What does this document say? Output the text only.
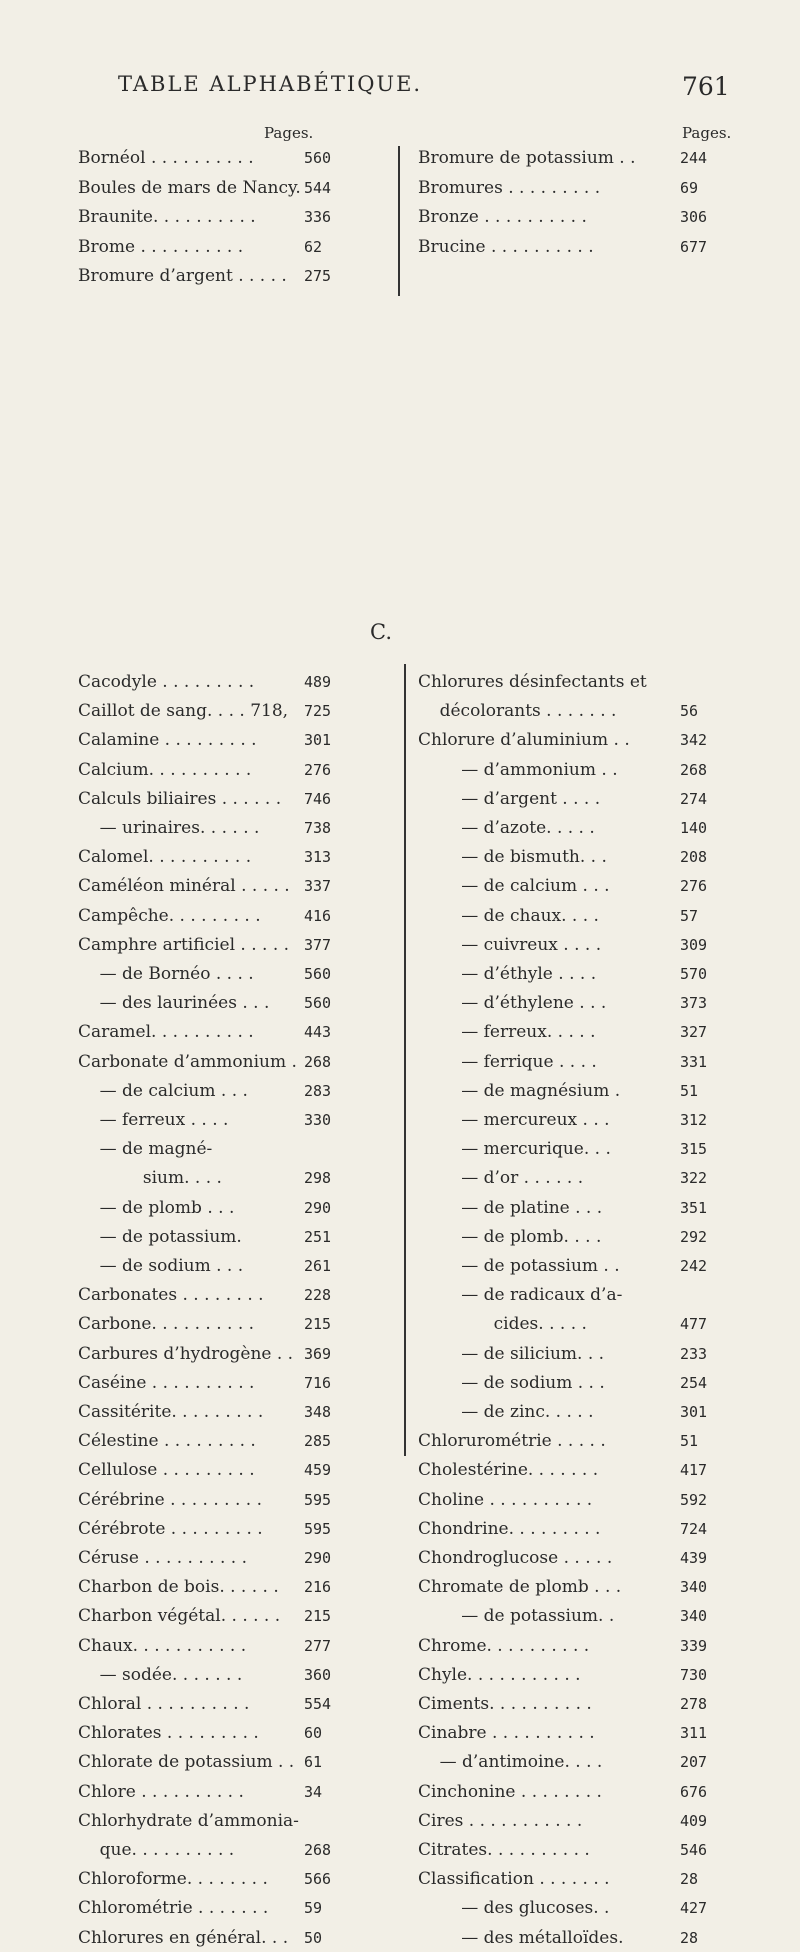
TABLE ALPHABÉTIQUE.	761
Pages.	Pages.
Bornéol . . . . . . . . . .	560
Boules de mars de Nancy. 544
Braunite. . . . . . . . . .	336
Brome . . . . . . . . . .	62
Bromure d’argent . . . . . 275
Bromure de potassium . .	244
Bromures . . . . . . . . .	69
Bronze . . . . . . . . . .	306
Brucine . . . . . . . . . .	677
C.
Cacodyle . . . . . . . . .	489
Caillot de sang. . . . 718, 725
Calamine . . . . . . . . .	301
Calcium. . . . . . . . . .	276
Calculs biliaires . . . . . . 746
— urinaires. . . . . .	738
Calomel. . . . . . . . . .	313
Caméléon minéral . . . . . 337
Campêche. . . . . . . . .	416
Camphre artificiel . . . . . 377
— de Bornéo . . . .	560
— des laurinées . . . 560
Caramel. . . . . . . . . .	443
Carbonate d’ammonium . 268
— de calcium . . .	283
— ferreux . . . .	330
— de magné-
sium. . . .	298
— de plomb . . .	290
— de potassium.	251
— de sodium . . .	261
Carbonates . . . . . . . .	228
Carbone. . . . . . . . . .	215
Carbures d’hydrogène . . 369
Caséine . . . . . . . . . .	716
Cassitérite. . . . . . . . .	348
Célestine . . . . . . . . .	285
Cellulose . . . . . . . . .	459
Cérébrine . . . . . . . . .	595
Cérébrote . . . . . . . . .	595
Céruse . . . . . . . . . .	290
Charbon de bois. . . . . . 216
Charbon végétal. . . . . . 215
Chaux. . . . . . . . . . .	277
— sodée. . . . . . .	360
Chloral . . . . . . . . . .	554
Chlorates . . . . . . . . .	60
Chlorate de potassium . . 61
Chlore . . . . . . . . . .	34
Chlorhydrate d’ammonia-
que. . . . . . . . . .	268
Chloroforme. . . . . . . . 566
Chlorométrie . . . . . . . 59
Chlorures en général. . . 50
Chlorures désinfectants et
décolorants . . . . . . .	56
Chlorure d’aluminium . .	342
— d’ammonium . .	268
— d’argent . . . .	274
— d’azote. . . . .	140
— de bismuth. . .	208
— de calcium . . .	276
— de chaux. . . .	57
— cuivreux . . . .	309
— d’éthyle . . . .	570
— d’éthylene . . .	373
— ferreux. . . . .	327
— ferrique . . . .	331
— de magnésium .	51
— mercureux . . .	312
— mercurique. . .	315
— d’or . . . . . .	322
— de platine . . .	351
— de plomb. . . .	292
— de potassium . .	242
— de radicaux d’a-
cides. . . . .	477
— de silicium. . .	233
— de sodium . . .	254
— de zinc. . . . .	301
Chlorurométrie . . . . .	51
Cholestérine. . . . . . .	417
Choline . . . . . . . . . .	592
Chondrine. . . . . . . . .	724
Chondroglucose . . . . .	439
Chromate de plomb . . .	340
— de potassium. .	340
Chrome. . . . . . . . . .	339
Chyle. . . . . . . . . . .	730
Ciments. . . . . . . . . .	278
Cinabre . . . . . . . . . .	311
— d’antimoine. . . .	207
Cinchonine . . . . . . . .	676
Cires . . . . . . . . . . .	409
Citrates. . . . . . . . . .	546
Classification . . . . . . .	28
— des glucoses. .	427
— des métalloïdes.	28
